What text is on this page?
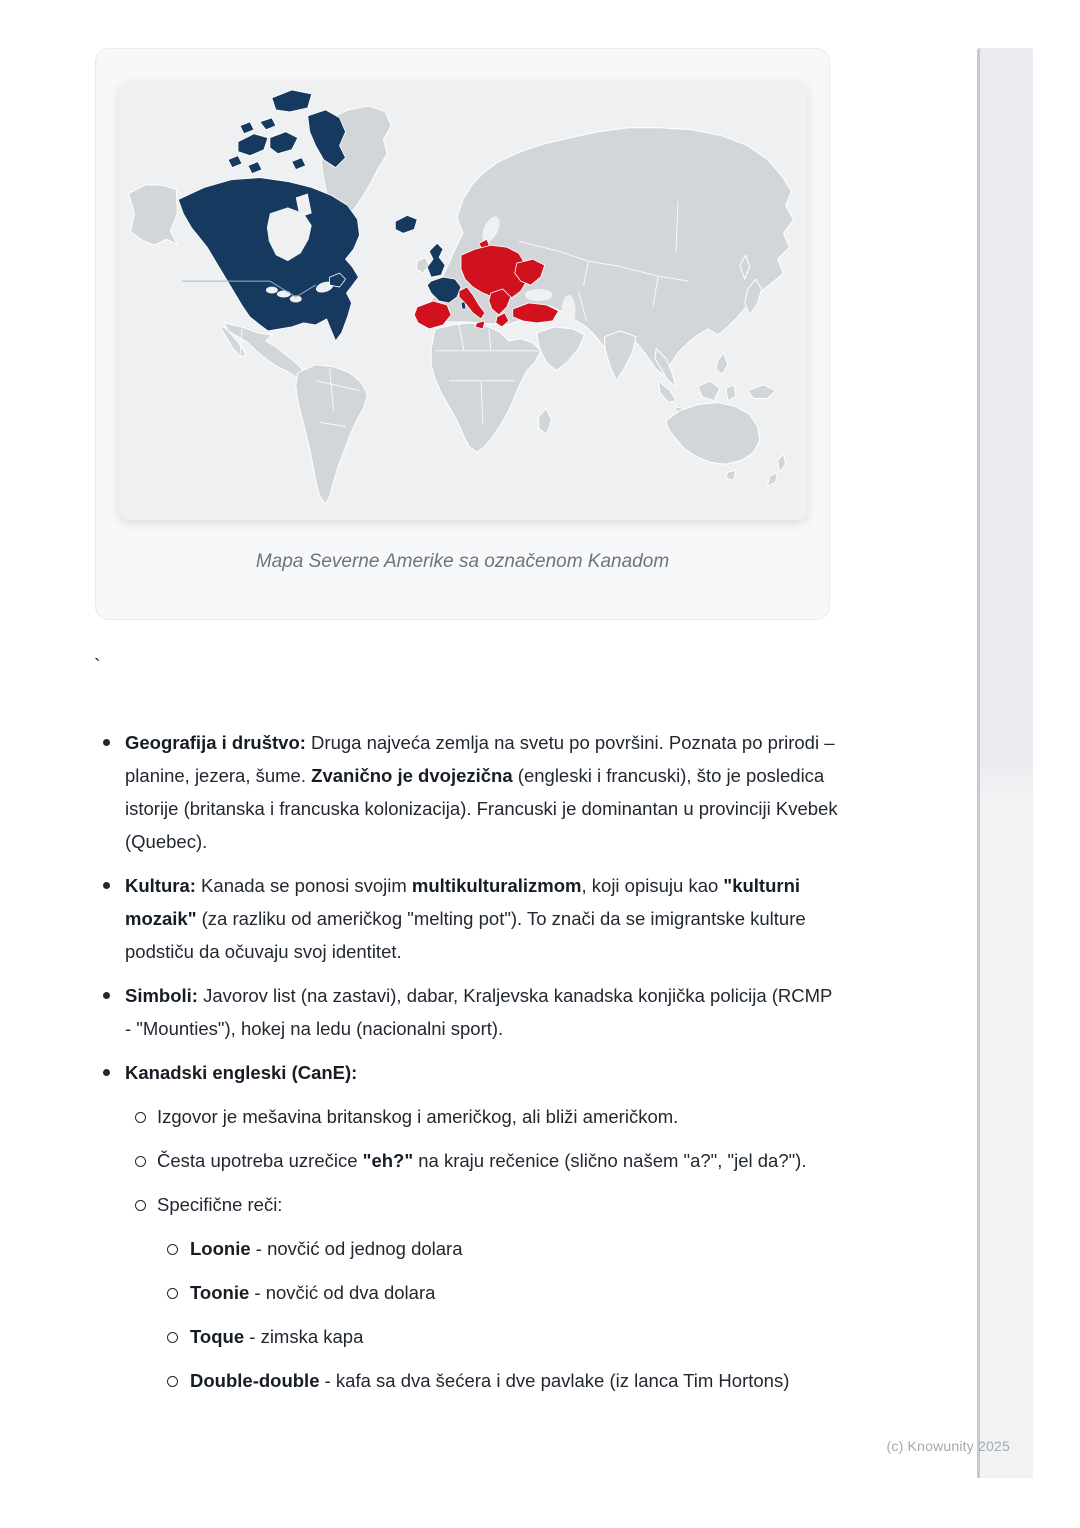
Mapa Severne Amerike sa označenom Kanadom
`

Geografija i društvo: Druga najveća zemlja na svetu po površini. Poznata po prirodi – planine, jezera, šume. Zvanično je dvojezična (engleski i francuski), što je posledica istorije (britanska i francuska kolonizacija). Francuski je dominantan u provinciji Kvebek (Quebec).

Kultura: Kanada se ponosi svojim multikulturalizmom, koji opisuju kao "kulturni mozaik" (za razliku od američkog "melting pot"). To znači da se imigrantske kulture podstiču da očuvaju svoj identitet.

Simboli: Javorov list (na zastavi), dabar, Kraljevska kanadska konjička policija (RCMP - "Mounties"), hokej na ledu (nacionalni sport).

Kanadski engleski (CanE):

Izgovor je mešavina britanskog i američkog, ali bliži američkom.

Česta upotreba uzrečice "eh?" na kraju rečenice (slično našem "a?", "jel da?").

Specifične reči:

Loonie - novčić od jednog dolara

Toonie - novčić od dva dolara

Toque - zimska kapa

Double-double - kafa sa dva šećera i dve pavlake (iz lanca Tim Hortons)

(c) Knowunity 2025
